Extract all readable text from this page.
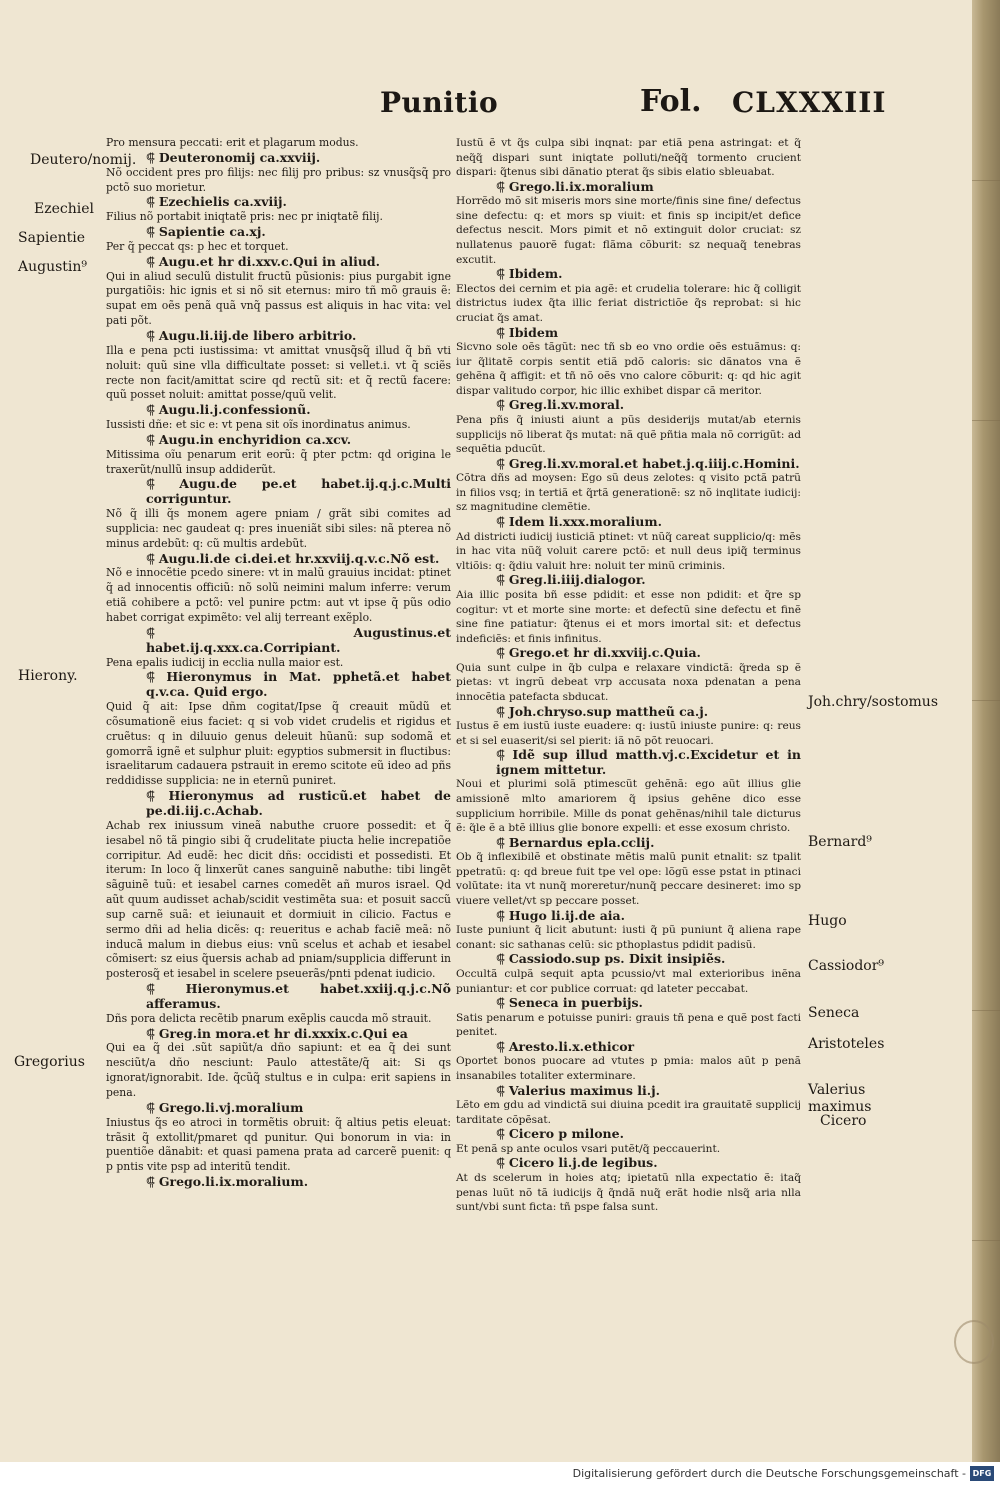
Punitio	Fol. CLXXXIII
Deutero/nomij.
Ezechiel
Sapientie
Augustin⁹
Hierony.
Gregorius
Joh.chry/sostomus
Bernard⁹
Hugo
Cassiodor⁹
Seneca
Aristoteles
Valerius maximus
Cicero

Pro mensura peccati: erit et plagarum modus.

⸿ Deuteronomij ca.xxviij.

Nõ occident pres pro filijs: nec filij pro pribus: sz vnusq̃sq̃ pro pctõ suo morietur.

⸿ Ezechielis ca.xviij.

Filius nõ portabit iniqtatẽ pris: nec pr iniqtatẽ filij.

⸿ Sapientie ca.xj.

Per q̃ peccat qs: p hec et torquet.

⸿ Augu.et hr di.xxv.c.Qui in aliud.

Qui in aliud seculũ distulit fructũ pũsionis: pius purgabit igne purgatiõis: hic ignis et si nõ sit eternus: miro tñ mõ grauis ẽ: supat em oẽs penã quã vnq̃ passus est aliquis in hac vita: vel pati põt.

⸿ Augu.li.iij.de libero arbitrio.

Illa e pena pcti iustissima: vt amittat vnusq̃sq̃ illud q̃ bñ vti noluit: quũ sine vlla difficultate posset: si vellet.i. vt q̃ sciẽs recte non facit/amittat scire qd rectũ sit: et q̃ rectũ facere: quũ posset noluit: amittat posse/quũ velit.

⸿ Augu.li.j.confessionũ.

Iussisti dñe: et sic e: vt pena sit oĩs inordinatus animus.

⸿ Augu.in enchyridion ca.xcv.

Mitissima oĩu penarum erit eorũ: q̃ pter pctm: qd origina le traxerũt/nullũ insup addiderũt.

⸿ Augu.de pe.et habet.ij.q.j.c.Multi corriguntur.

Nõ q̃ illi q̃s monem agere pniam / grãt sibi comites ad supplicia: nec gaudeat q: pres inueniãt sibi siles: nã pterea nõ minus ardebũt: q: cũ multis ardebũt.

⸿ Augu.li.de ci.dei.et hr.xxviij.q.v.c.Nõ est.

Nõ e innocẽtie pcedo sinere: vt in malũ grauius incidat: ptinet q̃ ad innocentis officiũ: nõ solũ neimini malum inferre: verum etiã cohibere a pctõ: vel punire pctm: aut vt ipse q̃ pũs odio habet corrigat expimẽto: vel alij terreant exẽplo.

⸿ Augustinus.et habet.ij.q.xxx.ca.Corripiant.

Pena epalis iudicij in ecclia nulla maior est.

⸿ Hieronymus in Mat. pphetã.et habet q.v.ca. Quid ergo.

Quid q̃ ait: Ipse dñm cogitat/Ipse q̃ creauit mũdũ et cõsumationẽ eius faciet: q si vob videt crudelis et rigidus et cruẽtus: q in diluuio genus deleuit hũanũ: sup sodomã et gomorrã ignẽ et sulphur pluit: egyptios submersit in fluctibus: israelitarum cadauera pstrauit in eremo scitote eũ ideo ad pñs reddidisse supplicia: ne in eternũ puniret.

⸿ Hieronymus ad rusticũ.et habet de pe.di.iij.c.Achab.

Achab rex iniussum vineã nabuthe cruore possedit: et q̃ iesabel nõ tã pingio sibi q̃ crudelitate piucta helie increpatiõe corripitur. Ad eudẽ: hec dicit dñs: occidisti et possedisti. Et iterum: In loco q̃ linxerũt canes sanguinẽ nabuthe: tibi lingẽt sãguinẽ tuũ: et iesabel carnes comedẽt añ muros israel. Qd aũt quum audisset achab/scidit vestimẽta sua: et posuit saccũ sup carnẽ suã: et ieiunauit et dormiuit in cilicio. Factus e sermo dñi ad helia dicẽs: q: reueritus e achab faciẽ meã: nõ inducã malum in diebus eius: vnũ scelus et achab et iesabel cõmisert: sz eius q̃uersis achab ad pniam/supplicia differunt in posterosq̃ et iesabel in scelere pseuerãs/pnti pdenat iudicio.

⸿ Hieronymus.et habet.xxiij.q.j.c.Nõ afferamus.

Dñs pora delicta recẽtib pnarum exẽplis caucda mõ strauit.

⸿ Greg.in mora.et hr di.xxxix.c.Qui ea

Qui ea q̃ dei .sũt sapiũt/a dño sapiunt: et ea q̃ dei sunt nesciũt/a dño nesciunt: Paulo attestãte/q̃ ait: Si qs ignorat/ignorabit. Ide. q̃cũq̃ stultus e in culpa: erit sapiens in pena.

⸿ Grego.li.vj.moralium

Iniustus q̃s eo atroci in tormẽtis obruit: q̃ altius petis eleuat: trãsit q̃ extollit/pmaret qd punitur. Qui bonorum in via: in puentiõe dãnabit: et quasi pamena prata ad carcerẽ puenit: q p pntis vite psp ad interitũ tendit.

⸿ Grego.li.ix.moralium.

Iustũ ẽ vt q̃s culpa sibi inqnat: par etiã pena astringat: et q̃ neq̃q̃ dispari sunt iniqtate polluti/neq̃q̃ tormento crucient dispari: q̃tenus sibi dãnatio pterat q̃s sibis elatio sbleuabat.

⸿ Grego.li.ix.moralium

Horrẽdo mõ sit miseris mors sine morte/finis sine fine/ defectus sine defectu: q: et mors sp viuit: et finis sp incipit/et defice defectus nescit. Mors pimit et nõ extinguit dolor cruciat: sz nullatenus pauorẽ fugat: flãma cõburit: sz nequaq̃ tenebras excutit.

⸿ Ibidem.

Electos dei cernim et pia agẽ: et crudelia tolerare: hic q̃ colligit districtus iudex q̃ta illic feriat districtiõe q̃s reprobat: si hic cruciat q̃s amat.

⸿ Ibidem

Sicvno sole oẽs tãgũt: nec tñ sb eo vno ordie oẽs estuãmus: q: iur q̃litatẽ corpis sentit etiã pdõ caloris: sic dãnatos vna ẽ gehẽna q̃ affigit: et tñ nõ oẽs vno calore cõburit: q: qd hic agit dispar valitudo corpor, hic illic exhibet dispar cã meritor.

⸿ Greg.li.xv.moral.

Pena pñs q̃ iniusti aiunt a pũs desiderijs mutat/ab eternis supplicijs nõ liberat q̃s mutat: nã quẽ pñtia mala nõ corrigũt: ad sequẽtia pducũt.

⸿ Greg.li.xv.moral.et habet.j.q.iiij.c.Homini.

Cõtra dñs ad moysen: Ego sũ deus zelotes: q visito pctã patrũ in filios vsq; in tertiã et q̃rtã generationẽ: sz nõ inqlitate iudicij: sz magnitudine clemẽtie.

⸿ Idem li.xxx.moralium.

Ad districti iudicij iusticiã ptinet: vt nũq̃ careat supplicio/q: mẽs in hac vita nũq̃ voluit carere pctõ: et null deus ipiq̃ terminus vltiõis: q: q̃diu valuit hre: noluit ter minũ criminis.

⸿ Greg.li.iiij.dialogor.

Aia illic posita bñ esse pdidit: et esse non pdidit: et q̃re sp cogitur: vt et morte sine morte: et defectũ sine defectu et finẽ sine fine patiatur: q̃tenus ei et mors imortal sit: et defectus indeficiẽs: et finis infinitus.

⸿ Grego.et hr di.xxviij.c.Quia.

Quia sunt culpe in q̃b culpa e relaxare vindictã: q̃reda sp ẽ pietas: vt ingrũ debeat vrp accusata noxa pdenatan a pena innocẽtia patefacta sbducat.

⸿ Joh.chryso.sup mattheũ ca.j.

Iustus ẽ em iustũ iuste euadere: q: iustũ iniuste punire: q: reus et si sel euaserit/si sel pierit: iã nõ põt reuocari.

⸿ Idẽ sup illud matth.vj.c.Excidetur et in ignem mittetur.

Noui et plurimi solã ptimescũt gehẽnã: ego aũt illius glie amissionẽ mlto amariorem q̃ ipsius gehẽne dico esse supplicium horribile. Mille ds ponat gehẽnas/nihil tale dicturus ẽ: q̃le ẽ a btẽ illius glie bonore expelli: et esse exosum christo.

⸿ Bernardus epla.cclij.

Ob q̃ inflexibilẽ et obstinate mẽtis malũ punit etnalit: sz tpalit ppetratũ: q: qd breue fuit tpe vel ope: lõgũ esse pstat in ptinaci volũtate: ita vt nunq̃ moreretur/nunq̃ peccare desineret: imo sp viuere vellet/vt sp peccare posset.

⸿ Hugo li.ij.de aia.

Iuste puniunt q̃ licit abutunt: iusti q̃ pũ puniunt q̃ aliena rape conant: sic sathanas celũ: sic pthoplastus pdidit padisũ.

⸿ Cassiodo.sup ps. Dixit insipiẽs.

Occultã culpã sequit apta pcussio/vt mal exterioribus inẽna puniantur: et cor publice corruat: qd lateter peccabat.

⸿ Seneca in puerbijs.

Satis penarum e potuisse puniri: grauis tñ pena e quẽ post facti penitet.

⸿ Aresto.li.x.ethicor

Oportet bonos puocare ad vtutes p pmia: malos aũt p penã insanabiles totaliter exterminare.

⸿ Valerius maximus li.j.

Lẽto em gdu ad vindictã sui diuina pcedit ira grauitatẽ supplicij tarditate cõpẽsat.

⸿ Cicero p milone.

Et penã sp ante oculos vsari putẽt/q̃ peccauerint.

⸿ Cicero li.j.de legibus.

At ds scelerum in hoies atq; ipietatũ nlla expectatio ẽ: itaq̃ penas luũt nõ tã iudicijs q̃ q̃ndã nuq̃ erãt hodie nlsq̃ aria nlla sunt/vbi sunt ficta: tñ pspe falsa sunt.

Digitalisierung gefördert durch die Deutsche Forschungsgemeinschaft - DFG
